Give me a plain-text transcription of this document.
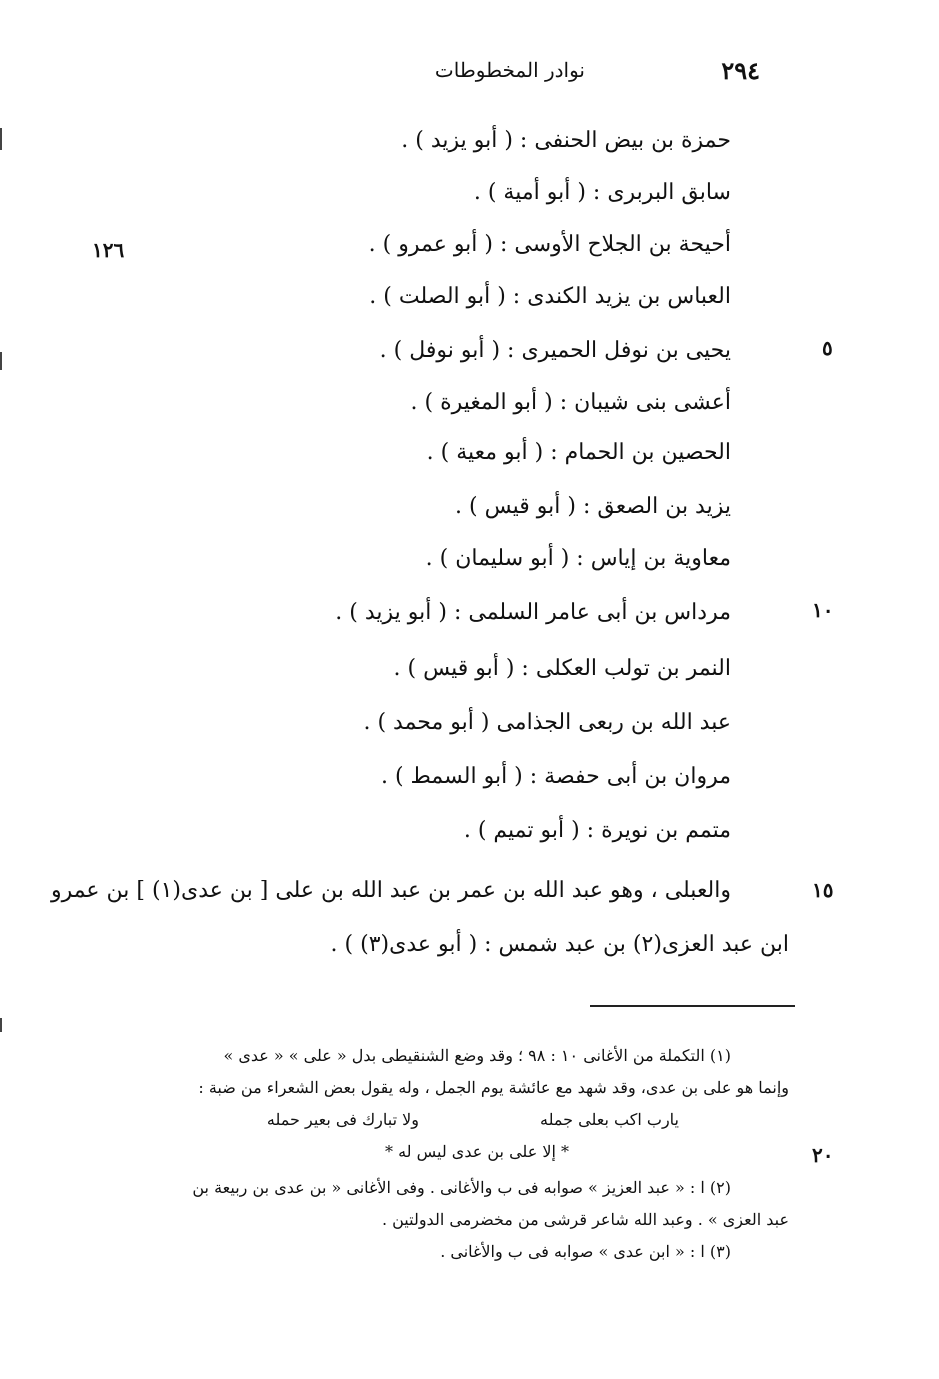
٢٩٤
نوادر المخطوطات
١٢٦
٥
١٠
١٥
٢٠
حمزة بن بيض الحنفى : ( أبو يزيد ) .
سابق البربرى : ( أبو أمية ) .
أحيحة بن الجلاح الأوسى : ( أبو عمرو ) .
العباس بن يزيد الكندى : ( أبو الصلت ) .
يحيى بن نوفل الحميرى : ( أبو نوفل ) .
أعشى بنى شيبان : ( أبو المغيرة ) .
الحصين بن الحمام : ( أبو معية ) .
يزيد بن الصعق : ( أبو قيس ) .
معاوية بن إياس : ( أبو سليمان ) .
مرداس بن أبى عامر السلمى : ( أبو يزيد ) .
النمر بن تولب العكلى : ( أبو قيس ) .
عبد الله بن ربعى الجذامى ( أبو محمد ) .
مروان بن أبى حفصة : ( أبو السمط ) .
متمم بن نويرة : ( أبو تميم ) .
والعبلى ، وهو عبد الله بن عمر بن عبد الله بن على [ بن عدى(١) ] بن عمرو
ابن عبد العزى(٢) بن عبد شمس : ( أبو عدى(٣) ) .
(١) التكملة من الأغانى ١٠ : ٩٨ ؛ وقد وضع الشنقيطى بدل « على » « عدى »
وإنما هو على بن عدى، وقد شهد مع عائشة يوم الجمل ، وله يقول بعض الشعراء من ضبة :
يارب اكب بعلى جمله
ولا تبارك فى بعير حمله
* إلا على بن عدى ليس له *
(٢) ا : « عبد العزيز » صوابه فى ب والأغانى . وفى الأغانى « بن عدى بن ربيعة بن
عبد العزى » . وعبد الله شاعر قرشى من مخضرمى الدولتين .
(٣) ا : « ابن عدى » صوابه فى ب والأغانى .
